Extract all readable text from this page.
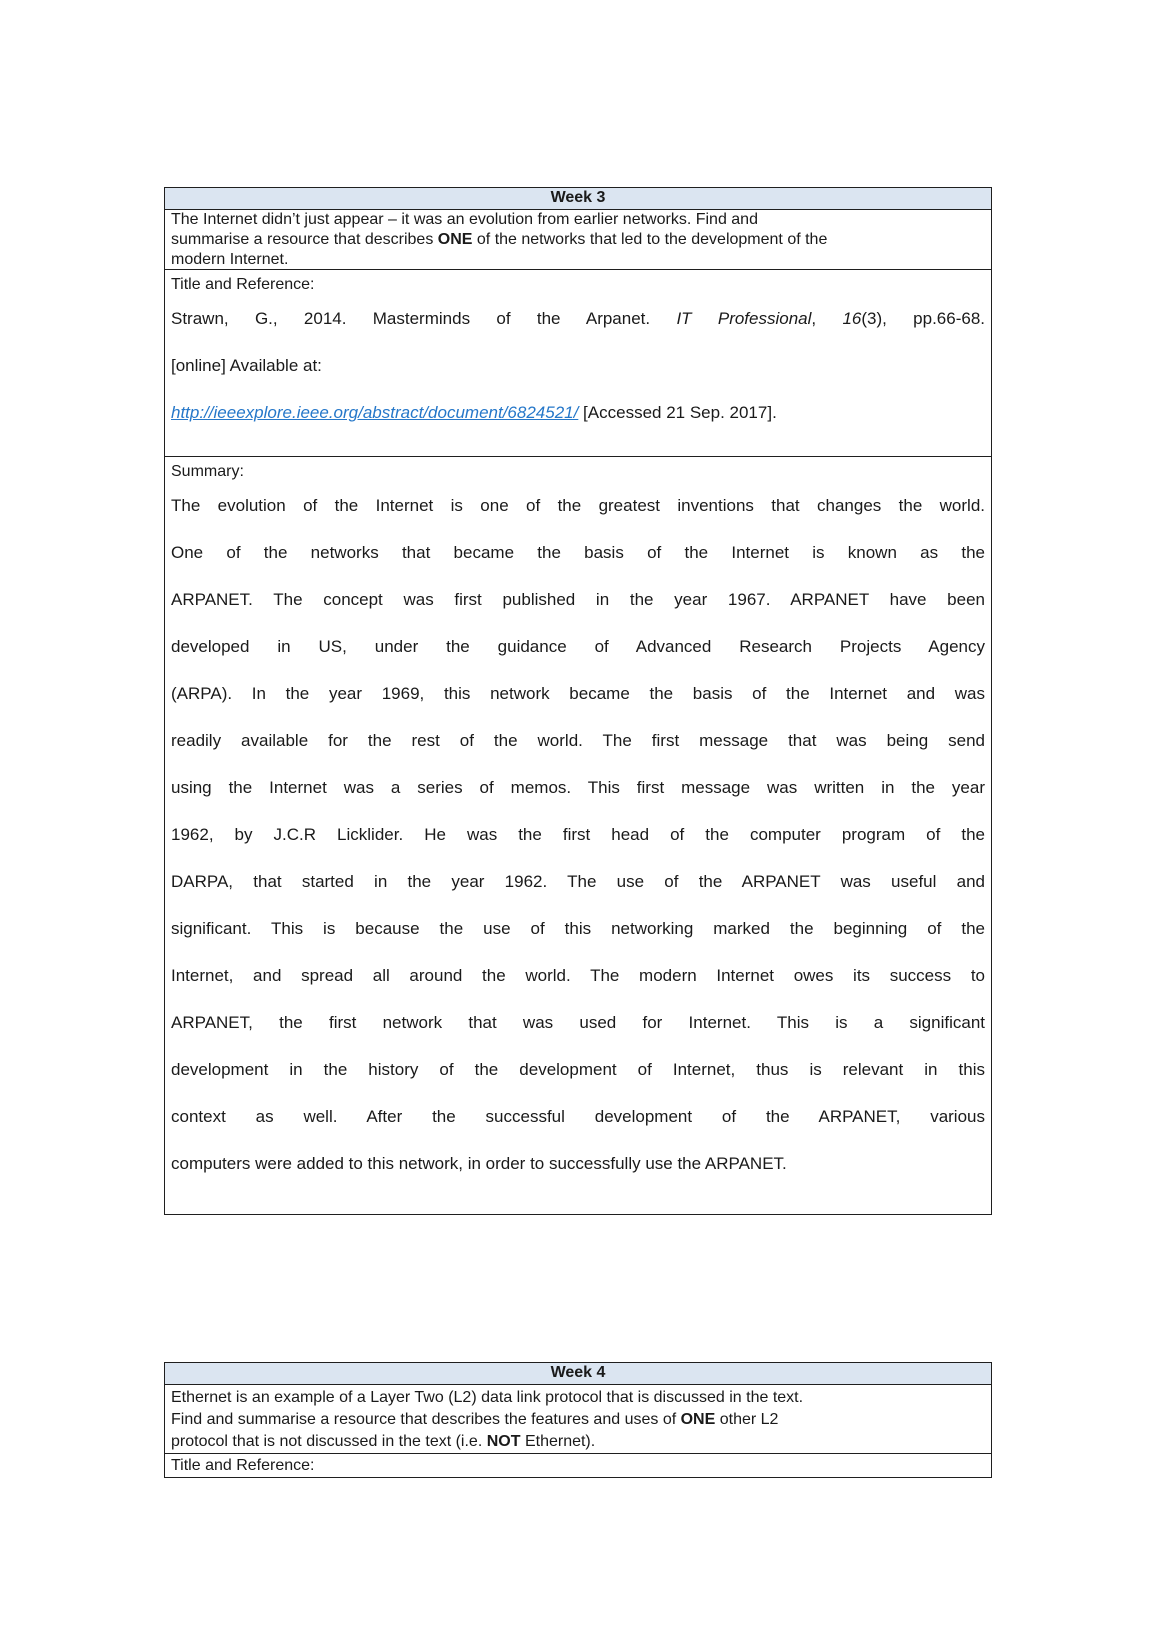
Week 3
The Internet didn’t just appear – it was an evolution from earlier networks. Find and
summarise a resource that describes ONE of the networks that led to the development of the
modern Internet.
Title and Reference:
Strawn, G., 2014. Masterminds of the Arpanet. IT Professional, 16(3), pp.66-68.
[online] Available at:
http://ieeexplore.ieee.org/abstract/document/6824521/ [Accessed 21 Sep. 2017].
Summary:
The evolution of the Internet is one of the greatest inventions that changes the world.
One of the networks that became the basis of the Internet is known as the
ARPANET. The concept was first published in the year 1967. ARPANET have been
developed in US, under the guidance of Advanced Research Projects Agency
(ARPA). In the year 1969, this network became the basis of the Internet and was
readily available for the rest of the world. The first message that was being send
using the Internet was a series of memos. This first message was written in the year
1962, by J.C.R Licklider. He was the first head of the computer program of the
DARPA, that started in the year 1962. The use of the ARPANET was useful and
significant. This is because the use of this networking marked the beginning of the
Internet, and spread all around the world. The modern Internet owes its success to
ARPANET, the first network that was used for Internet. This is a significant
development in the history of the development of Internet, thus is relevant in this
context as well. After the successful development of the ARPANET, various
computers were added to this network, in order to successfully use the ARPANET.
Week 4
Ethernet is an example of a Layer Two (L2) data link protocol that is discussed in the text.
Find and summarise a resource that describes the features and uses of ONE other L2
protocol that is not discussed in the text (i.e. NOT Ethernet).
Title and Reference:
